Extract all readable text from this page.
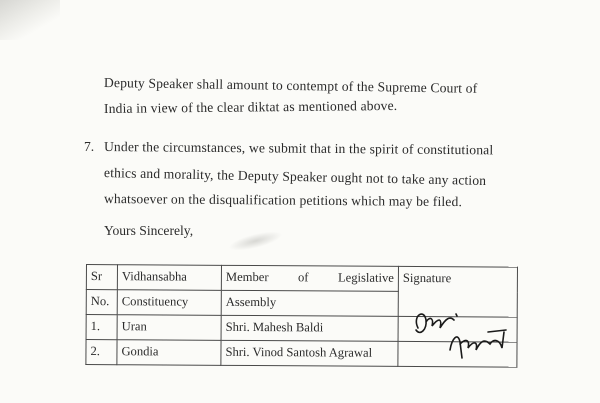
Deputy Speaker shall amount to contempt of the Supreme Court of
India in view of the clear diktat as mentioned above.
7. Under the circumstances, we submit that in the spirit of constitutional
ethics and morality, the Deputy Speaker ought not to take any action
whatsoever on the disqualification petitions which may be filed.
Yours Sincerely,
Sr	Vidhansabha	Member of Legislative	Signature
No.	Constituency	Assembly	
1.	Uran	Shri. Mahesh Baldi	
2.	Gondia	Shri. Vinod Santosh Agrawal	
